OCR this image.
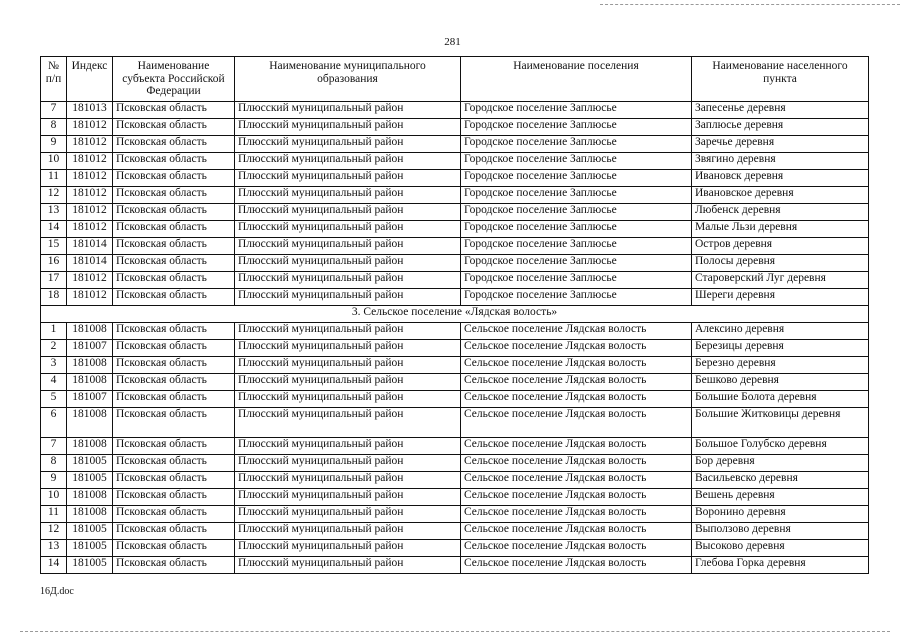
281
№ п/п	Индекс	Наименование субъекта Российской Федерации	Наименование муниципального образования	Наименование поселения	Наименование населенного пункта
7	181013	Псковская область	Плюсский муниципальный район	Городское поселение Заплюсье	Запесенье деревня
8	181012	Псковская область	Плюсский муниципальный район	Городское поселение Заплюсье	Заплюсье деревня
9	181012	Псковская область	Плюсский муниципальный район	Городское поселение Заплюсье	Заречье деревня
10	181012	Псковская область	Плюсский муниципальный район	Городское поселение Заплюсье	Звягино деревня
11	181012	Псковская область	Плюсский муниципальный район	Городское поселение Заплюсье	Ивановск деревня
12	181012	Псковская область	Плюсский муниципальный район	Городское поселение Заплюсье	Ивановское деревня
13	181012	Псковская область	Плюсский муниципальный район	Городское поселение Заплюсье	Любенск деревня
14	181012	Псковская область	Плюсский муниципальный район	Городское поселение Заплюсье	Малые Льзи деревня
15	181014	Псковская область	Плюсский муниципальный район	Городское поселение Заплюсье	Остров деревня
16	181014	Псковская область	Плюсский муниципальный район	Городское поселение Заплюсье	Полосы деревня
17	181012	Псковская область	Плюсский муниципальный район	Городское поселение Заплюсье	Староверский Луг деревня
18	181012	Псковская область	Плюсский муниципальный район	Городское поселение Заплюсье	Шереги деревня
3. Сельское поселение «Лядская волость»					
1	181008	Псковская область	Плюсский муниципальный район	Сельское поселение Лядская волость	Алексино деревня
2	181007	Псковская область	Плюсский муниципальный район	Сельское поселение Лядская волость	Березицы деревня
3	181008	Псковская область	Плюсский муниципальный район	Сельское поселение Лядская волость	Березно деревня
4	181008	Псковская область	Плюсский муниципальный район	Сельское поселение Лядская волость	Бешково деревня
5	181007	Псковская область	Плюсский муниципальный район	Сельское поселение Лядская волость	Большие Болота деревня
6	181008	Псковская область	Плюсский муниципальный район	Сельское поселение Лядская волость	Большие Житковицы деревня
7	181008	Псковская область	Плюсский муниципальный район	Сельское поселение Лядская волость	Большое Голубско деревня
8	181005	Псковская область	Плюсский муниципальный район	Сельское поселение Лядская волость	Бор деревня
9	181005	Псковская область	Плюсский муниципальный район	Сельское поселение Лядская волость	Васильевско деревня
10	181008	Псковская область	Плюсский муниципальный район	Сельское поселение Лядская волость	Вешень деревня
11	181008	Псковская область	Плюсский муниципальный район	Сельское поселение Лядская волость	Воронино деревня
12	181005	Псковская область	Плюсский муниципальный район	Сельское поселение Лядская волость	Выползово деревня
13	181005	Псковская область	Плюсский муниципальный район	Сельское поселение Лядская волость	Высоково деревня
14	181005	Псковская область	Плюсский муниципальный район	Сельское поселение Лядская волость	Глебова Горка деревня
16Д.doc
